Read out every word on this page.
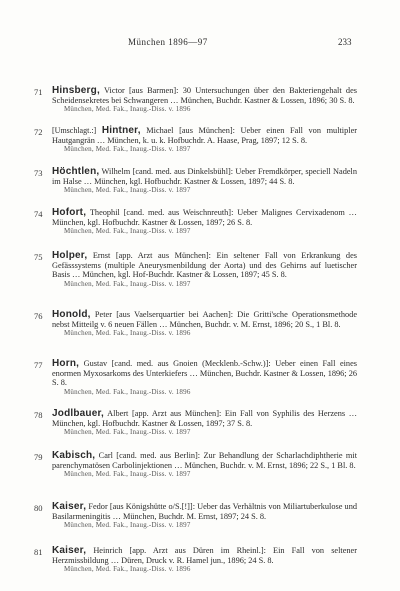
München 1896—97	233
71 Hinsberg, Victor [aus Barmen]: 30 Untersuchungen über den Bakteriengehalt des Scheidensekretes bei Schwangeren … München, Buchdr. Kastner & Lossen, 1896; 30 S. 8.
München, Med. Fak., Inaug.-Diss. v. 1896
72 [Umschlagt.:] Hintner, Michael [aus München]: Ueber einen Fall von multipler Hautgangrän … München, k. u. k. Hofbuchdr. A. Haase, Prag, 1897; 12 S. 8.
München, Med. Fak., Inaug.-Diss. v. 1897
73 Höchtlen, Wilhelm [cand. med. aus Dinkelsbühl]: Ueber Fremdkörper, speciell Nadeln im Halse … München, kgl. Hofbuchdr. Kastner & Lossen, 1897; 44 S. 8.
München, Med. Fak., Inaug.-Diss. v. 1897
74 Hofort, Theophil [cand. med. aus Weischnreuth]: Ueber Malignes Cervixadenom … München, kgl. Hofbuchdr. Kastner & Lossen, 1897; 26 S. 8.
München, Med. Fak., Inaug.-Diss. v. 1897
75 Holper, Ernst [app. Arzt aus München]: Ein seltener Fall von Erkrankung des Gefässsystems (multiple Aneurysmenbildung der Aorta) und des Gehirns auf luetischer Basis … München, kgl. Hof-Buchdr. Kastner & Lossen, 1897; 45 S. 8.
München, Med. Fak., Inaug.-Diss. v. 1897
76 Honold, Peter [aus Vaelserquartier bei Aachen]: Die Gritti'sche Operationsmethode nebst Mitteilg v. 6 neuen Fällen … München, Buchdr. v. M. Ernst, 1896; 20 S., 1 Bl. 8.
München, Med. Fak., Inaug.-Diss. v. 1896
77 Horn, Gustav [cand. med. aus Gnoien (Mecklenb.-Schw.)]: Ueber einen Fall eines enormen Myxosarkoms des Unterkiefers … München, Buchdr. Kastner & Lossen, 1896; 26 S. 8.
München, Med. Fak., Inaug.-Diss. v. 1896
78 Jodlbauer, Albert [app. Arzt aus München]: Ein Fall von Syphilis des Herzens … München, kgl. Hofbuchdr. Kastner & Lossen, 1897; 37 S. 8.
München, Med. Fak., Inaug.-Diss. v. 1897
79 Kabisch, Carl [cand. med. aus Berlin]: Zur Behandlung der Scharlachdiphtherie mit parenchymatösen Carbolinjektionen … München, Buchdr. v. M. Ernst, 1896; 22 S., 1 Bl. 8.
München, Med. Fak., Inaug.-Diss. v. 1897
80 Kaiser, Fedor [aus Königshütte o/S.[!]]: Ueber das Verhältnis von Miliartuberkulose und Basilarmeningitis … München, Buchdr. M. Ernst, 1897; 24 S. 8.
München, Med. Fak., Inaug.-Diss. v. 1897
81 Kaiser, Heinrich [app. Arzt aus Düren im Rheinl.]: Ein Fall von seltener Herzmissbildung … Düren, Druck v. R. Hamel jun., 1896; 24 S. 8.
München, Med. Fak., Inaug.-Diss. v. 1896
